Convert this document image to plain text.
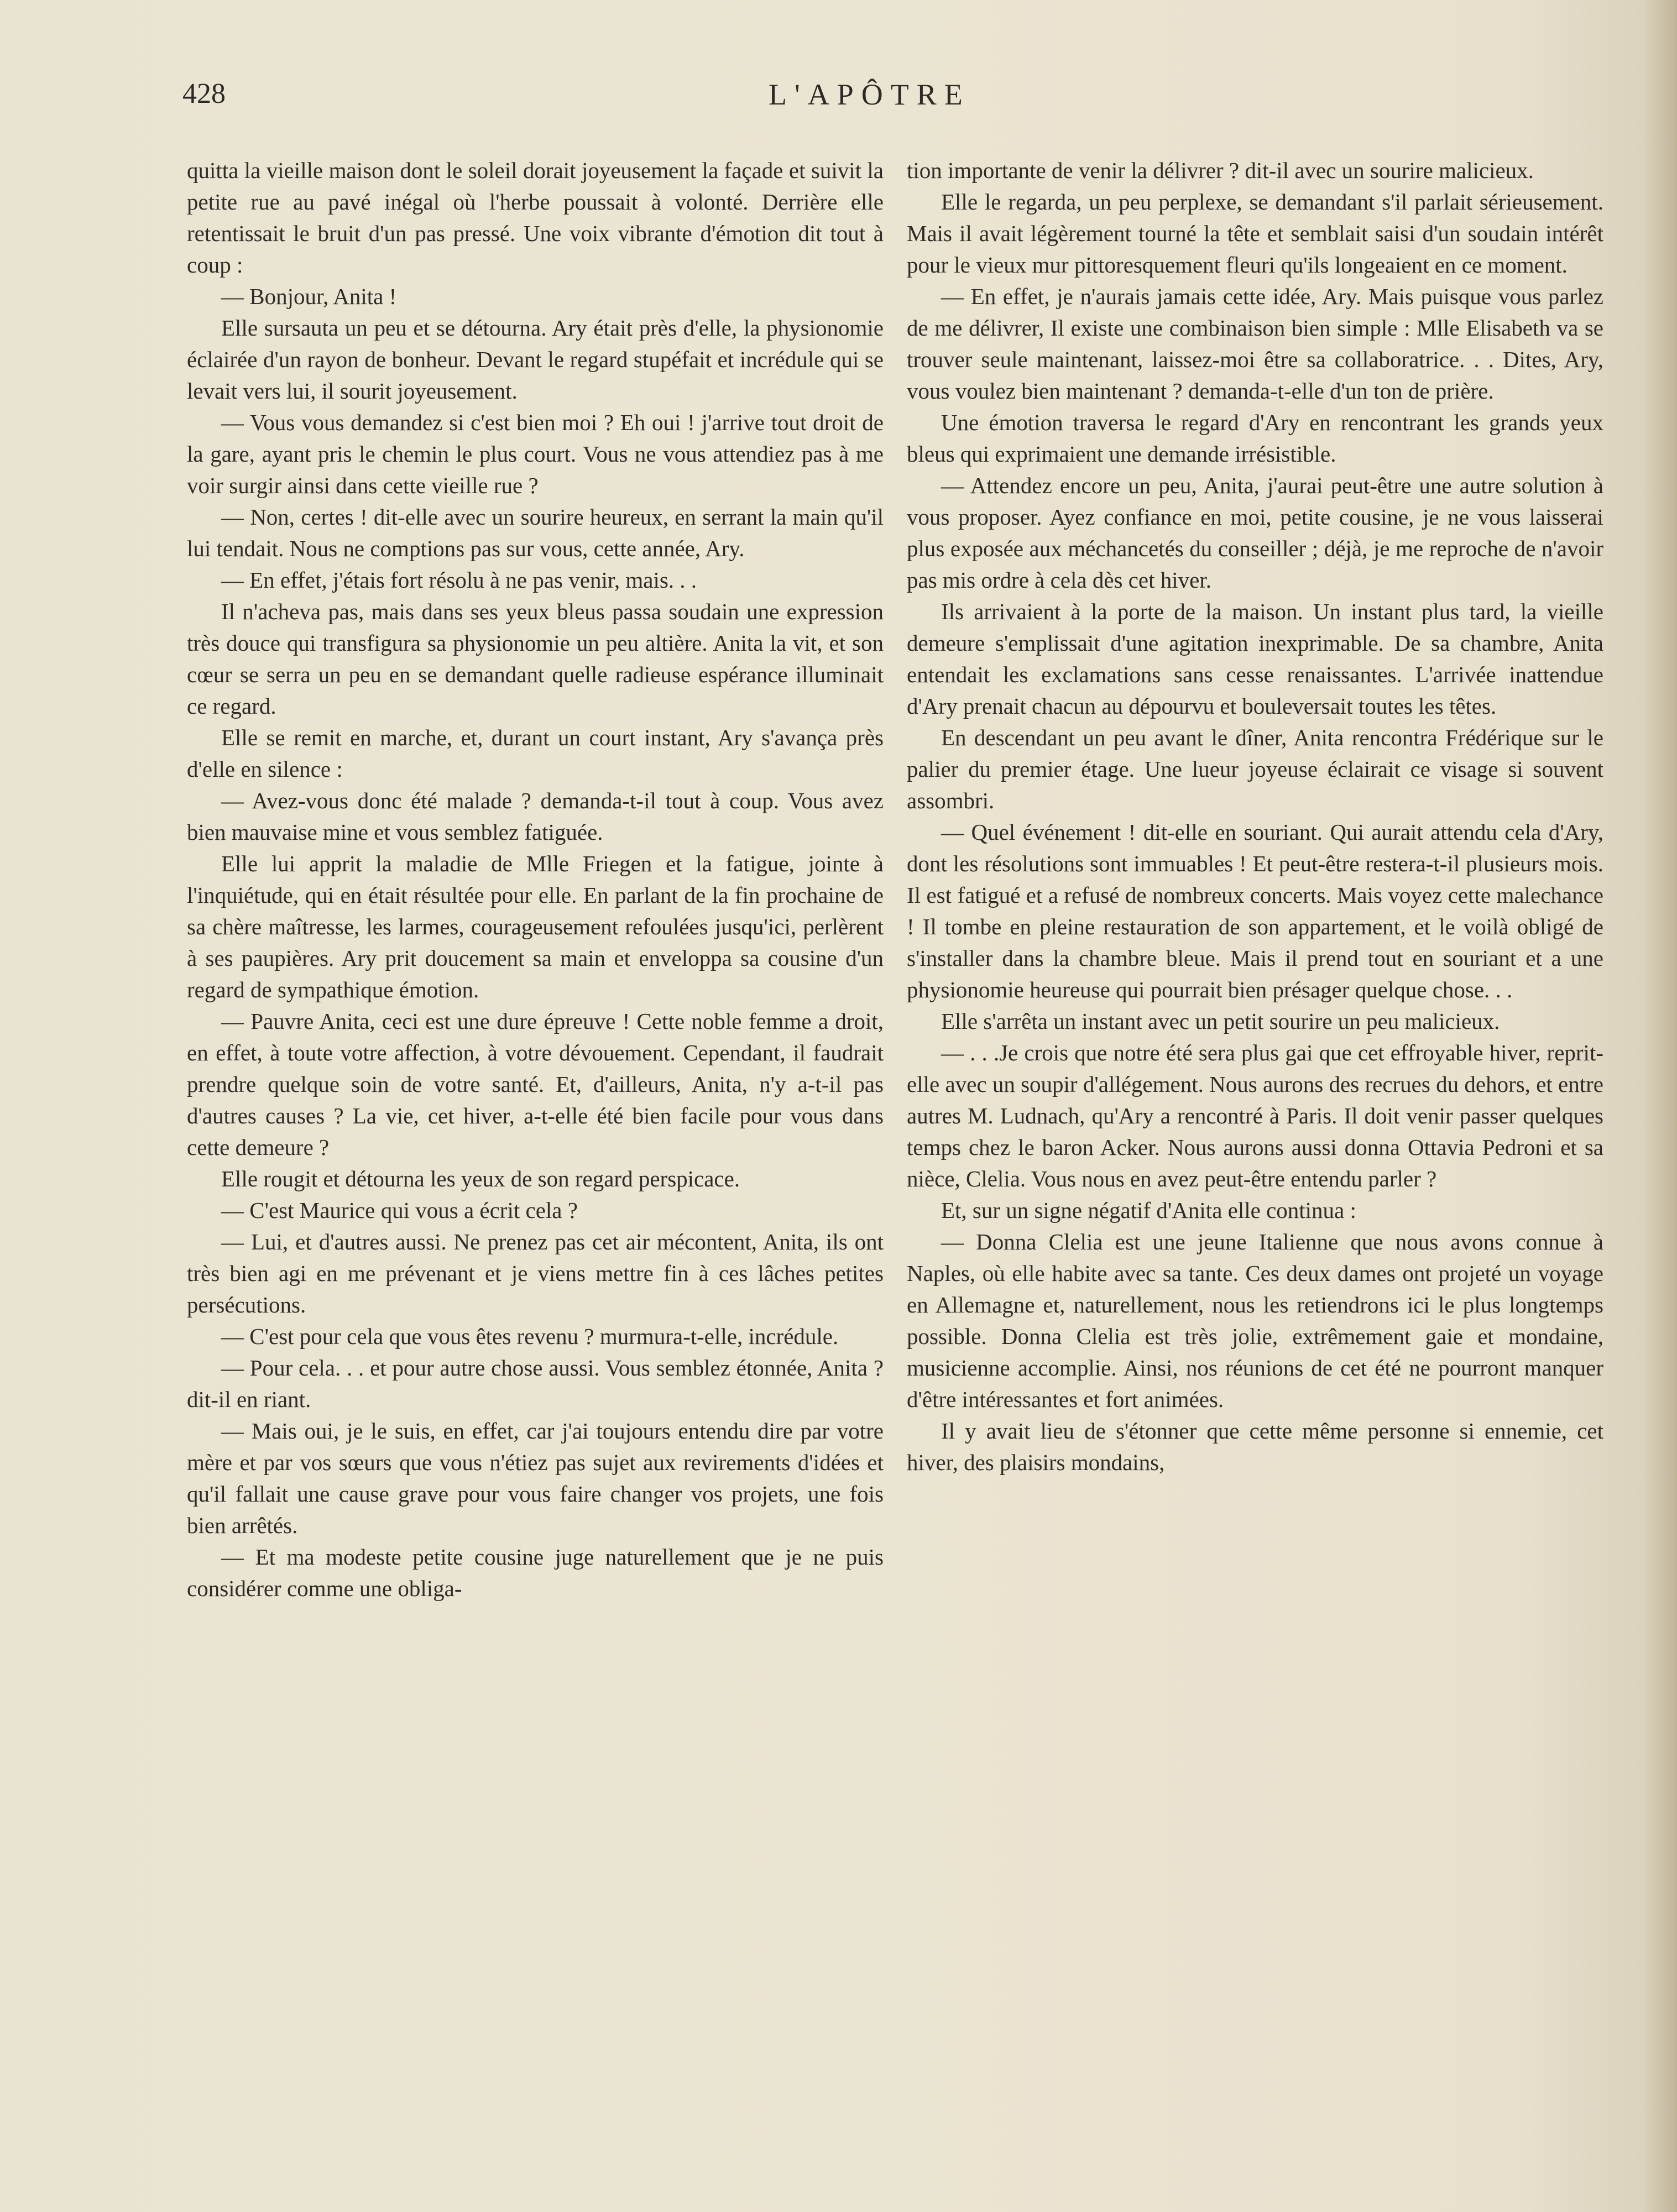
428	L'APÔTRE

quitta la vieille maison dont le soleil dorait joyeusement la façade et suivit la petite rue au pavé inégal où l'herbe poussait à volonté. Derrière elle retentissait le bruit d'un pas pressé. Une voix vibrante d'émotion dit tout à coup :

— Bonjour, Anita !

Elle sursauta un peu et se détourna. Ary était près d'elle, la physionomie éclairée d'un rayon de bonheur. Devant le regard stupéfait et incrédule qui se levait vers lui, il sourit joyeusement.

— Vous vous demandez si c'est bien moi ? Eh oui ! j'arrive tout droit de la gare, ayant pris le chemin le plus court. Vous ne vous attendiez pas à me voir surgir ainsi dans cette vieille rue ?

— Non, certes ! dit-elle avec un sourire heureux, en serrant la main qu'il lui tendait. Nous ne comptions pas sur vous, cette année, Ary.

— En effet, j'étais fort résolu à ne pas venir, mais. . .

Il n'acheva pas, mais dans ses yeux bleus passa soudain une expression très douce qui transfigura sa physionomie un peu altière. Anita la vit, et son cœur se serra un peu en se demandant quelle radieuse espérance illuminait ce regard.

Elle se remit en marche, et, durant un court instant, Ary s'avança près d'elle en silence :

— Avez-vous donc été malade ? demanda-t-il tout à coup. Vous avez bien mauvaise mine et vous semblez fatiguée.

Elle lui apprit la maladie de Mlle Friegen et la fatigue, jointe à l'inquiétude, qui en était résultée pour elle. En parlant de la fin prochaine de sa chère maîtresse, les larmes, courageusement refoulées jusqu'ici, perlèrent à ses paupières. Ary prit doucement sa main et enveloppa sa cousine d'un regard de sympathique émotion.

— Pauvre Anita, ceci est une dure épreuve ! Cette noble femme a droit, en effet, à toute votre affection, à votre dévouement. Cependant, il faudrait prendre quelque soin de votre santé. Et, d'ailleurs, Anita, n'y a-t-il pas d'autres causes ? La vie, cet hiver, a-t-elle été bien facile pour vous dans cette demeure ?

Elle rougit et détourna les yeux de son regard perspicace.

— C'est Maurice qui vous a écrit cela ?

— Lui, et d'autres aussi. Ne prenez pas cet air mécontent, Anita, ils ont très bien agi en me prévenant et je viens mettre fin à ces lâches petites persécutions.

— C'est pour cela que vous êtes revenu ? murmura-t-elle, incrédule.

— Pour cela. . . et pour autre chose aussi. Vous semblez étonnée, Anita ? dit-il en riant.

— Mais oui, je le suis, en effet, car j'ai toujours entendu dire par votre mère et par vos sœurs que vous n'étiez pas sujet aux revirements d'idées et qu'il fallait une cause grave pour vous faire changer vos projets, une fois bien arrêtés.

— Et ma modeste petite cousine juge naturellement que je ne puis considérer comme une obliga-

tion importante de venir la délivrer ? dit-il avec un sourire malicieux.

Elle le regarda, un peu perplexe, se demandant s'il parlait sérieusement. Mais il avait légèrement tourné la tête et semblait saisi d'un soudain intérêt pour le vieux mur pittoresquement fleuri qu'ils longeaient en ce moment.

— En effet, je n'aurais jamais cette idée, Ary. Mais puisque vous parlez de me délivrer, Il existe une combinaison bien simple : Mlle Elisabeth va se trouver seule maintenant, laissez-moi être sa collaboratrice. . . Dites, Ary, vous voulez bien maintenant ? demanda-t-elle d'un ton de prière.

Une émotion traversa le regard d'Ary en rencontrant les grands yeux bleus qui exprimaient une demande irrésistible.

— Attendez encore un peu, Anita, j'aurai peut-être une autre solution à vous proposer. Ayez confiance en moi, petite cousine, je ne vous laisserai plus exposée aux méchancetés du conseiller ; déjà, je me reproche de n'avoir pas mis ordre à cela dès cet hiver.

Ils arrivaient à la porte de la maison. Un instant plus tard, la vieille demeure s'emplissait d'une agitation inexprimable. De sa chambre, Anita entendait les exclamations sans cesse renaissantes. L'arrivée inattendue d'Ary prenait chacun au dépourvu et bouleversait toutes les têtes.

En descendant un peu avant le dîner, Anita rencontra Frédérique sur le palier du premier étage. Une lueur joyeuse éclairait ce visage si souvent assombri.

— Quel événement ! dit-elle en souriant. Qui aurait attendu cela d'Ary, dont les résolutions sont immuables ! Et peut-être restera-t-il plusieurs mois. Il est fatigué et a refusé de nombreux concerts. Mais voyez cette malechance ! Il tombe en pleine restauration de son appartement, et le voilà obligé de s'installer dans la chambre bleue. Mais il prend tout en souriant et a une physionomie heureuse qui pourrait bien présager quelque chose. . .

Elle s'arrêta un instant avec un petit sourire un peu malicieux.

— . . .Je crois que notre été sera plus gai que cet effroyable hiver, reprit-elle avec un soupir d'allégement. Nous aurons des recrues du dehors, et entre autres M. Ludnach, qu'Ary a rencontré à Paris. Il doit venir passer quelques temps chez le baron Acker. Nous aurons aussi donna Ottavia Pedroni et sa nièce, Clelia. Vous nous en avez peut-être entendu parler ?

Et, sur un signe négatif d'Anita elle continua :

— Donna Clelia est une jeune Italienne que nous avons connue à Naples, où elle habite avec sa tante. Ces deux dames ont projeté un voyage en Allemagne et, naturellement, nous les retiendrons ici le plus longtemps possible. Donna Clelia est très jolie, extrêmement gaie et mondaine, musicienne accomplie. Ainsi, nos réunions de cet été ne pourront manquer d'être intéressantes et fort animées.

Il y avait lieu de s'étonner que cette même personne si ennemie, cet hiver, des plaisirs mondains,
